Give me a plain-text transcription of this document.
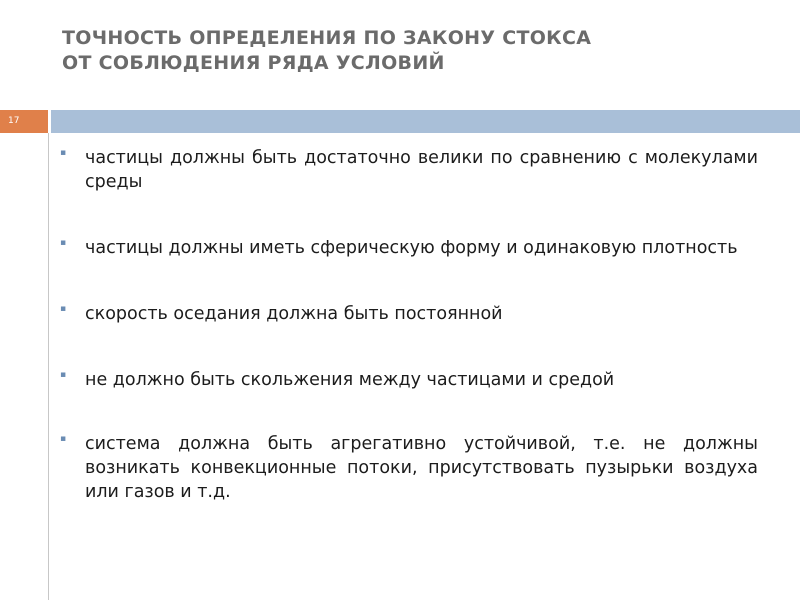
ТОЧНОСТЬ ОПРЕДЕЛЕНИЯ ПО ЗАКОНУ СТОКСА
ОТ СОБЛЮДЕНИЯ РЯДА УСЛОВИЙ
17
▪ частицы должны быть достаточно велики по сравнению с молекулами среды
▪ частицы должны иметь сферическую форму и одинаковую плотность
▪ скорость оседания должна быть постоянной
▪ не должно быть скольжения между частицами и средой
▪ система должна быть агрегативно устойчивой, т.е. не должны возникать конвекционные потоки, присутствовать пузырьки воздуха или газов и т.д.
